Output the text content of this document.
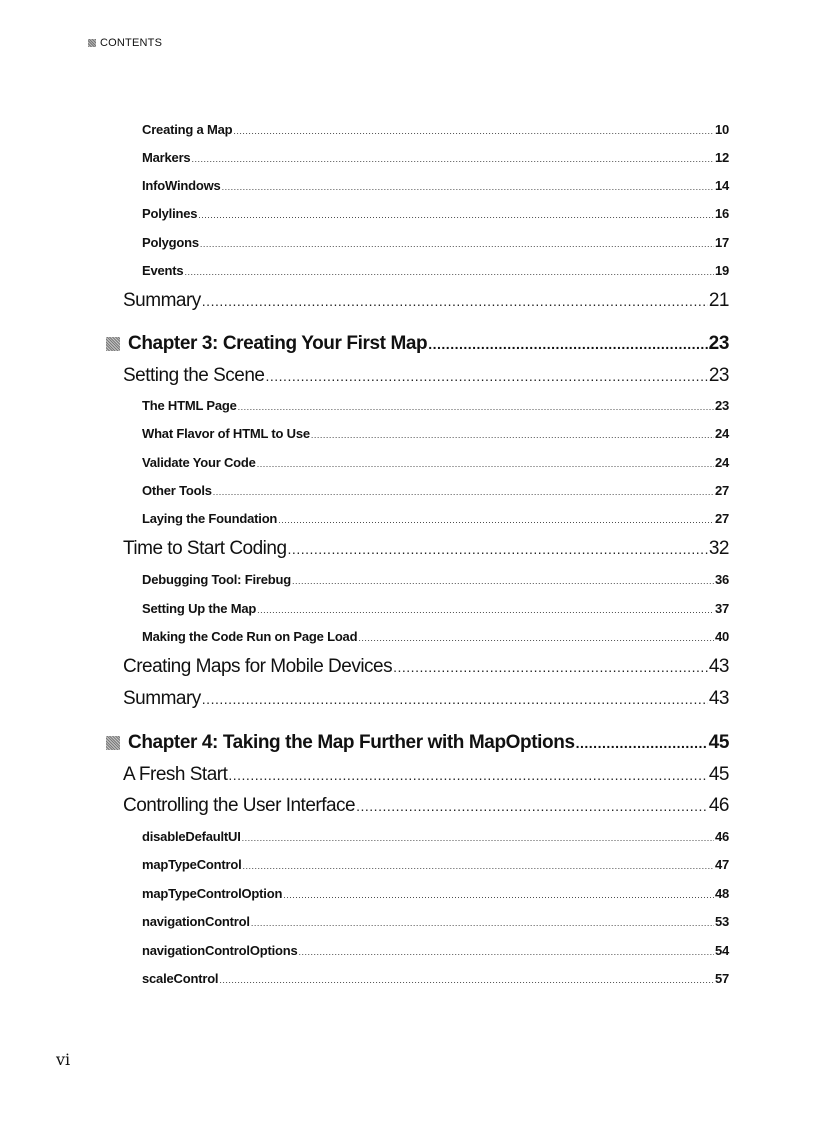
CONTENTS
Creating a Map .....	10
Markers .....	12
InfoWindows .....	14
Polylines .....	16
Polygons .....	17
Events .....	19
Summary .....	21
Chapter 3: Creating Your First Map .....	23
Setting the Scene .....	23
The HTML Page .....	23
What Flavor of HTML to Use .....	24
Validate Your Code .....	24
Other Tools .....	27
Laying the Foundation .....	27
Time to Start Coding .....	32
Debugging Tool: Firebug .....	36
Setting Up the Map .....	37
Making the Code Run on Page Load .....	40
Creating Maps for Mobile Devices .....	43
Summary .....	43
Chapter 4: Taking the Map Further with MapOptions .....	45
A Fresh Start .....	45
Controlling the User Interface .....	46
disableDefaultUI .....	46
mapTypeControl .....	47
mapTypeControlOption .....	48
navigationControl .....	53
navigationControlOptions .....	54
scaleControl .....	57
vi
